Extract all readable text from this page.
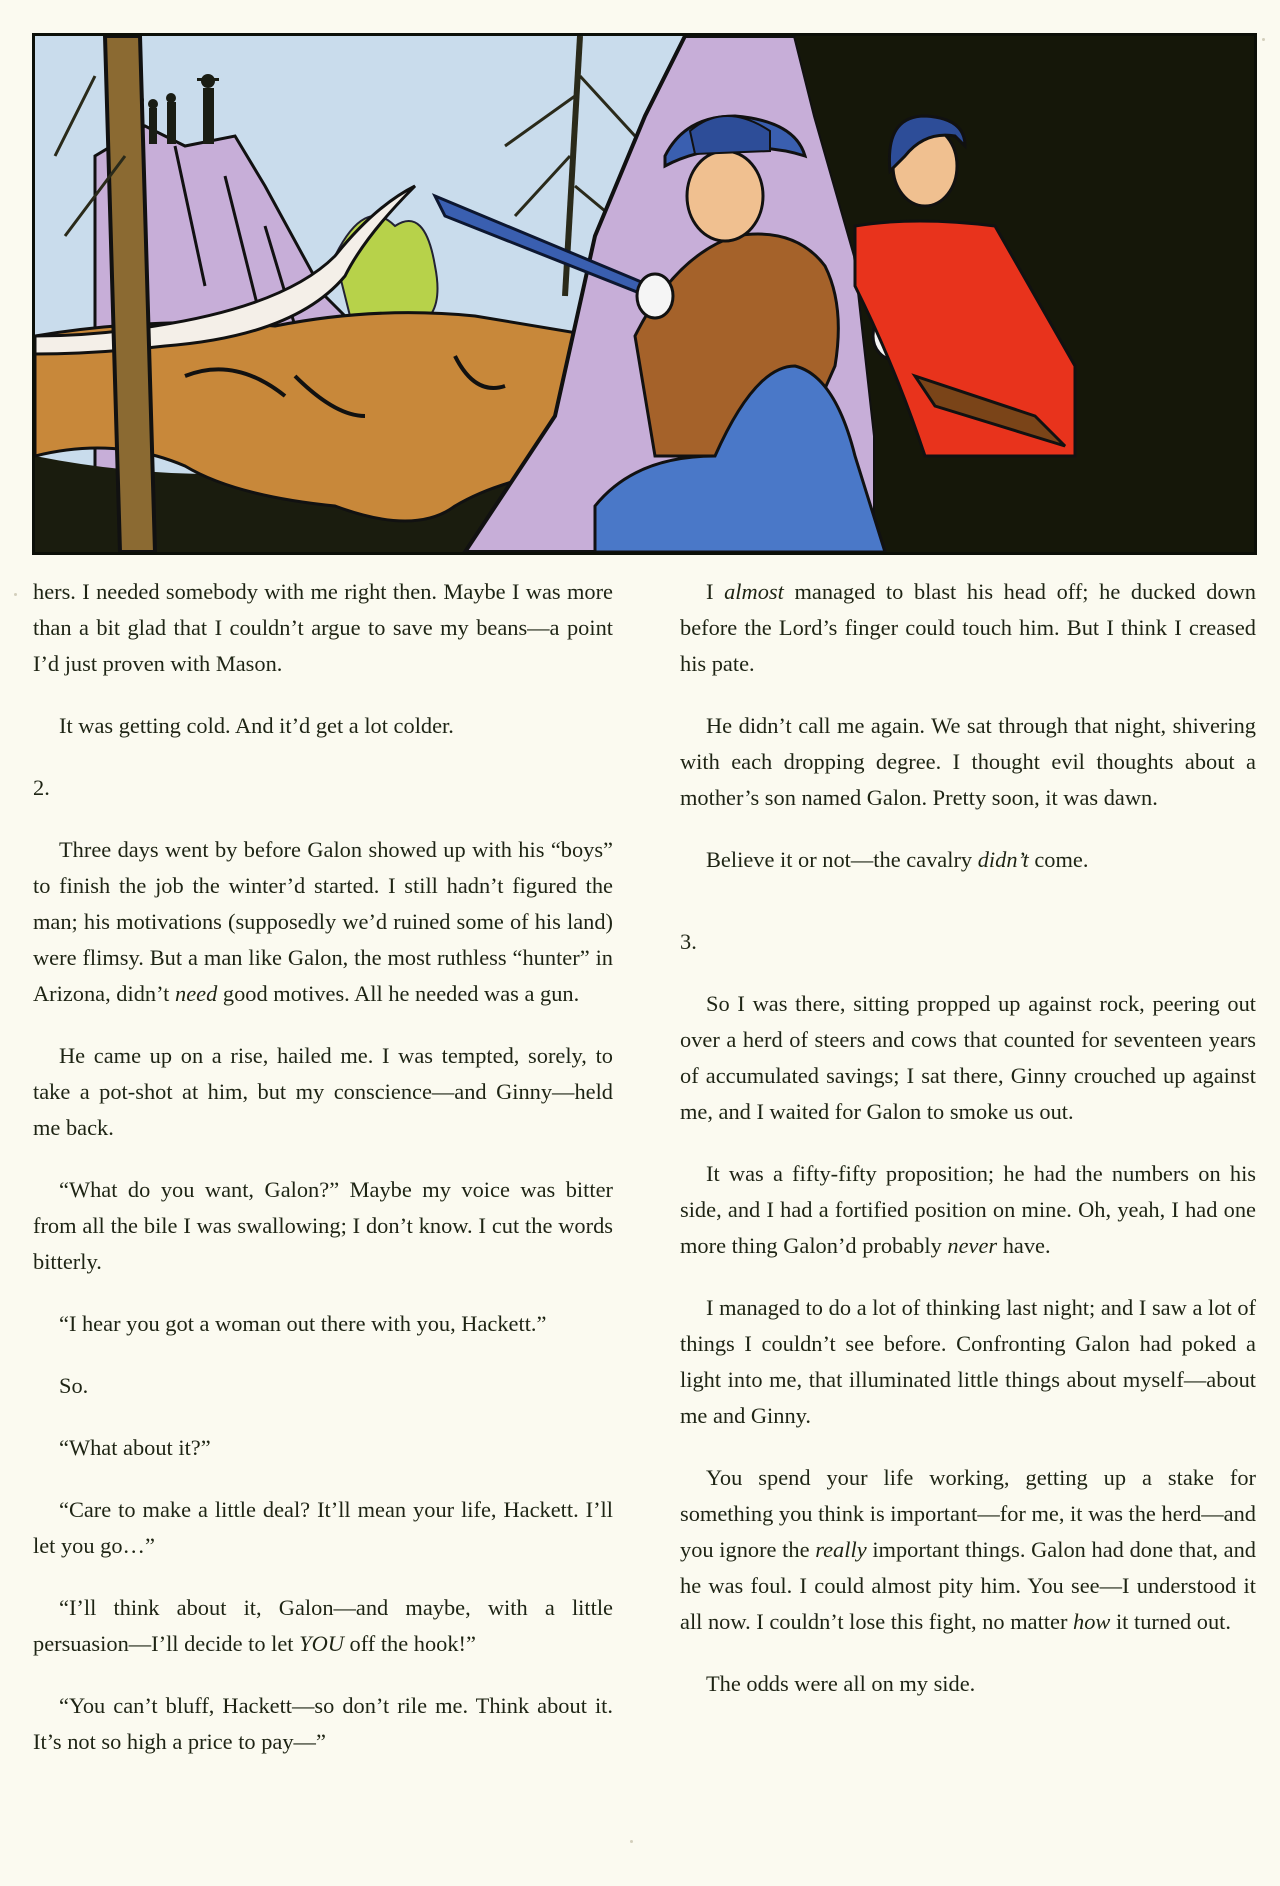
hers. I needed somebody with me right then. Maybe I was more than a bit glad that I couldn’t argue to save my beans—a point I’d just proven with Mason.

It was getting cold. And it’d get a lot colder.

2.

Three days went by before Galon showed up with his “boys” to finish the job the winter’d started. I still hadn’t figured the man; his motivations (supposedly we’d ruined some of his land) were flimsy. But a man like Galon, the most ruthless “hunter” in Arizona, didn’t need good motives. All he needed was a gun.

He came up on a rise, hailed me. I was tempted, sorely, to take a pot-shot at him, but my conscience—and Ginny—held me back.

“What do you want, Galon?” Maybe my voice was bitter from all the bile I was swallowing; I don’t know. I cut the words bitterly.

“I hear you got a woman out there with you, Hackett.”

So.

“What about it?”

“Care to make a little deal? It’ll mean your life, Hackett. I’ll let you go…”

“I’ll think about it, Galon—and maybe, with a little persuasion—I’ll decide to let YOU off the hook!”

“You can’t bluff, Hackett—so don’t rile me. Think about it. It’s not so high a price to pay—”

I almost managed to blast his head off; he ducked down before the Lord’s finger could touch him. But I think I creased his pate.

He didn’t call me again. We sat through that night, shivering with each dropping degree. I thought evil thoughts about a mother’s son named Galon. Pretty soon, it was dawn.

Believe it or not—the cavalry didn’t come.

3.

So I was there, sitting propped up against rock, peering out over a herd of steers and cows that counted for seventeen years of accumulated savings; I sat there, Ginny crouched up against me, and I waited for Galon to smoke us out.

It was a fifty-fifty proposition; he had the numbers on his side, and I had a fortified position on mine. Oh, yeah, I had one more thing Galon’d probably never have.

I managed to do a lot of thinking last night; and I saw a lot of things I couldn’t see before. Confronting Galon had poked a light into me, that illuminated little things about myself—about me and Ginny.

You spend your life working, getting up a stake for something you think is important—for me, it was the herd—and you ignore the really important things. Galon had done that, and he was foul. I could almost pity him. You see—I understood it all now. I couldn’t lose this fight, no matter how it turned out.

The odds were all on my side.
